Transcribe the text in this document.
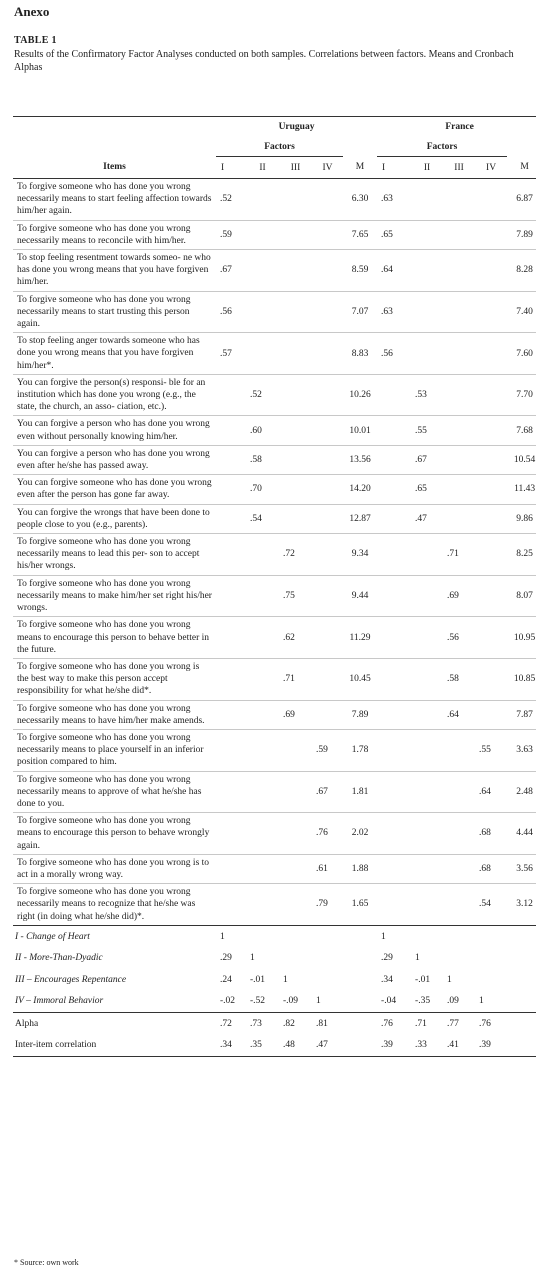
Anexo
TABLE 1
Results of the Confirmatory Factor Analyses conducted on both samples. Correlations between factors. Means and Cronbach Alphas
	Uruguay					France				
	Factors					Factors				
Items	I	II	III	IV	M	I	II	III	IV	M
To forgive someone who has done you wrong necessarily means to start feeling affection towards him/her again.	.52				6.30	.63				6.87
To forgive someone who has done you wrong necessarily means to reconcile with him/her.	.59				7.65	.65				7.89
To stop feeling resentment towards someo- ne who has done you wrong means that you have forgiven him/her.	.67				8.59	.64				8.28
To forgive someone who has done you wrong necessarily means to start trusting this person again.	.56				7.07	.63				7.40
To stop feeling anger towards someone who has done you wrong means that you have forgiven him/her*.	.57				8.83	.56				7.60
You can forgive the person(s) responsi- ble for an institution which has done you wrong (e.g., the state, the church, an asso- ciation, etc.).		.52			10.26		.53			7.70
You can forgive a person who has done you wrong even without personally knowing him/her.		.60			10.01		.55			7.68
You can forgive a person who has done you wrong even after he/she has passed away.		.58			13.56		.67			10.54
You can forgive someone who has done you wrong even after the person has gone far away.		.70			14.20		.65			11.43
You can forgive the wrongs that have been done to people close to you (e.g., parents).		.54			12.87		.47			9.86
To forgive someone who has done you wrong necessarily means to lead this per- son to accept his/her wrongs.			.72		9.34			.71		8.25
To forgive someone who has done you wrong necessarily means to make him/her set right his/her wrongs.			.75		9.44			.69		8.07
To forgive someone who has done you wrong means to encourage this person to behave better in the future.			.62		11.29			.56		10.95
To forgive someone who has done you wrong is the best way to make this person accept responsibility for what he/she did*.			.71		10.45			.58		10.85
To forgive someone who has done you wrong necessarily means to have him/her make amends.			.69		7.89			.64		7.87
To forgive someone who has done you wrong necessarily means to place yourself in an inferior position compared to him.				.59	1.78				.55	3.63
To forgive someone who has done you wrong necessarily means to approve of what he/she has done to you.				.67	1.81				.64	2.48
To forgive someone who has done you wrong means to encourage this person to behave wrongly again.				.76	2.02				.68	4.44
To forgive someone who has done you wrong is to act in a morally wrong way.				.61	1.88				.68	3.56
To forgive someone who has done you wrong necessarily means to recognize that he/she was right (in doing what he/she did)*.				.79	1.65				.54	3.12
I - Change of Heart	1					1				
II - More-Than-Dyadic	.29	1				.29	1			
III – Encourages Repentance	.24	-.01	1			.34	-.01	1		
IV – Immoral Behavior	-.02	-.52	-.09	1		-.04	-.35	.09	1	
Alpha	.72	.73	.82	.81		.76	.71	.77	.76	
Inter-item correlation	.34	.35	.48	.47		.39	.33	.41	.39	
* Source: own work
